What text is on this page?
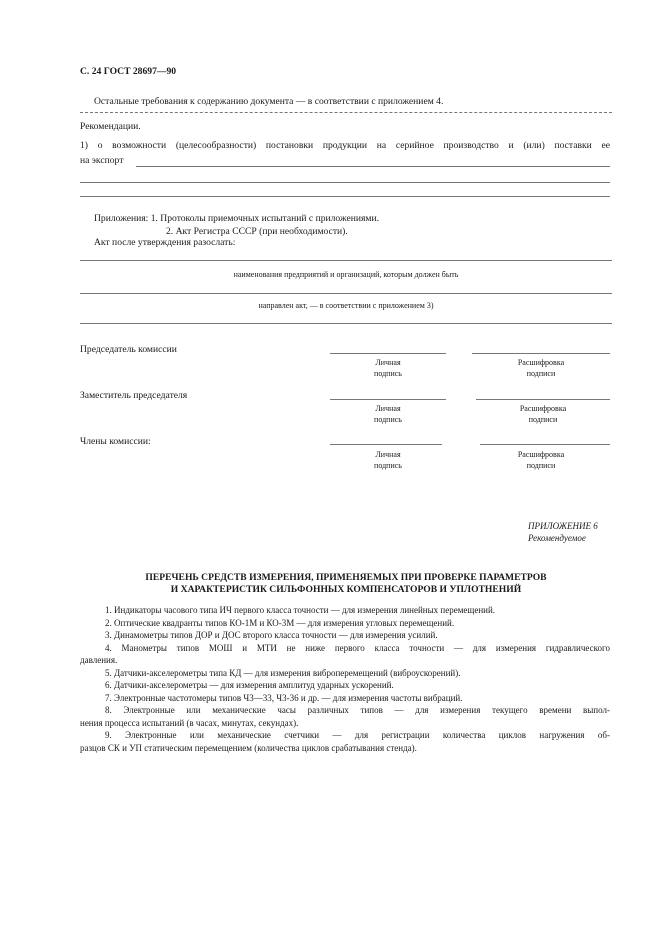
С. 24 ГОСТ 28697—90
Остальные требования к содержанию документа — в соответствии с приложением 4.
Рекомендации.
1) о возможности (целесообразности) постановки продукции на серийное производство и (или) поставки ее
на экспорт
Приложения: 1. Протоколы приемочных испытаний с приложениями.
2. Акт Регистра СССР (при необходимости).
Акт после утверждения разослать:
наименования предприятий и организаций, которым должен быть
направлен акт, — в соответствии с приложением 3)
Председатель комиссии
Личная
подпись
Расшифровка
подписи
Заместитель председателя
Личная
подпись
Расшифровка
подписи
Члены комиссии:
Личная
подпись
Расшифровка
подписи
ПРИЛОЖЕНИЕ 6
Рекомендуемое
ПЕРЕЧЕНЬ СРЕДСТВ ИЗМЕРЕНИЯ, ПРИМЕНЯЕМЫХ ПРИ ПРОВЕРКЕ ПАРАМЕТРОВ
И ХАРАКТЕРИСТИК СИЛЬФОННЫХ КОМПЕНСАТОРОВ И УПЛОТНЕНИЙ
1. Индикаторы часового типа ИЧ первого класса точности — для измерения линейных перемещений.
2. Оптические квадранты типов КО-1М и КО-3М — для измерения угловых перемещений.
3. Динамометры типов ДОР и ДОС второго класса точности — для измерения усилий.
4. Манометры типов МОШ и МТИ не ниже первого класса точности — для измерения гидравлического
давления.
5. Датчики-акселерометры типа КД — для измерения виброперемещений (виброускорений).
6. Датчики-акселерометры — для измерения амплитуд ударных ускорений.
7. Электронные частотомеры типов Ч3—33, Ч3-36 и др. — для измерения частоты вибраций.
8. Электронные или механические часы различных типов — для измерения текущего времени выпол-
нения процесса испытаний (в часах, минутах, секундах).
9. Электронные или механические счетчики — для регистрации количества циклов нагружения об-
разцов СК и УП статическим перемещением (количества циклов срабатывания стенда).
